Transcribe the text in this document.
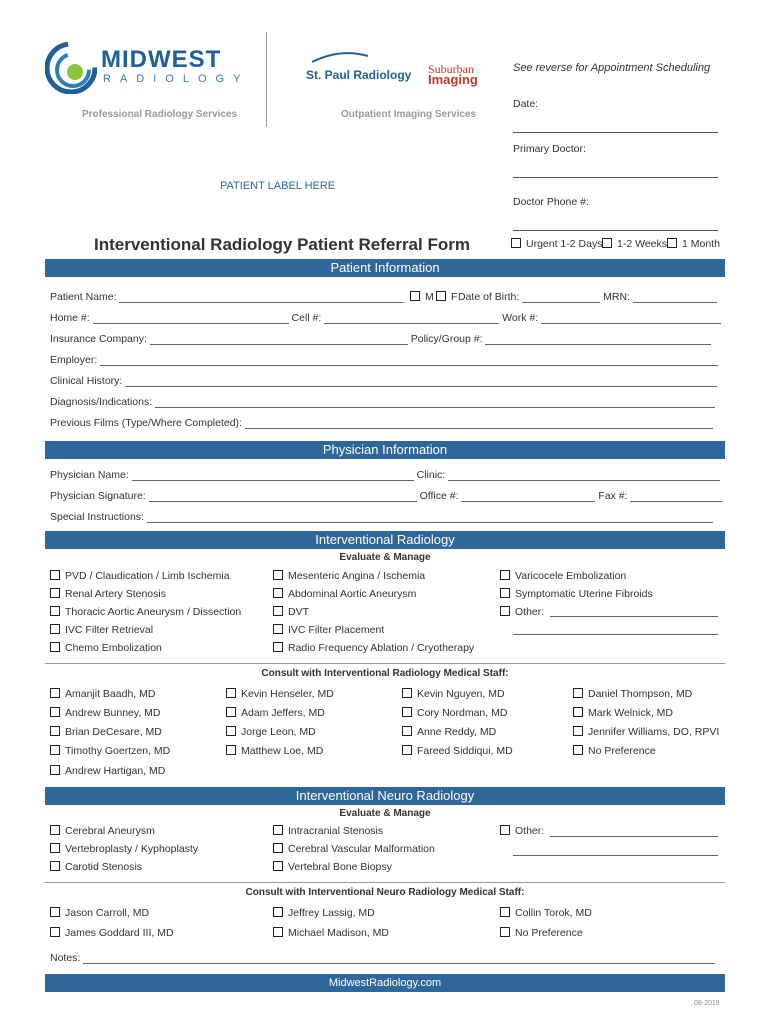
MIDWEST
RADIOLOGY
Professional Radiology Services
St. Paul Radiology Suburban
Imaging
Outpatient Imaging Services
See reverse for Appointment Scheduling
Date:
Primary Doctor:
Doctor Phone #:
PATIENT LABEL HERE
Interventional Radiology Patient Referral Form	Urgent 1-2 Days	1-2 Weeks	1 Month
Patient Information
Patient Name:	M	F Date of Birth:	MRN:
Home #:	Cell #:	Work #:
Insurance Company:	Policy/Group #:
Employer:
Clinical History:
Diagnosis/Indications:
Previous Films (Type/Where Completed):
Physician Information
Physician Name:	Clinic:
Physician Signature:	Office #:	Fax #:
Special Instructions:
Interventional Radiology
Evaluate & Manage
PVD / Claudication / Limb Ischemia
Renal Artery Stenosis
Thoracic Aortic Aneurysm / Dissection
IVC Filter Retrieval
Chemo Embolization
Mesenteric Angina / Ischemia
Abdominal Aortic Aneurysm
DVT
IVC Filter Placement
Radio Frequency Ablation / Cryotherapy
Varicocele Embolization
Symptomatic Uterine Fibroids
Other:
Consult with Interventional Radiology Medical Staff:
Amanjit Baadh, MD
Andrew Bunney, MD
Brian DeCesare, MD
Timothy Goertzen, MD
Andrew Hartigan, MD
Kevin Henseler, MD
Adam Jeffers, MD
Jorge Leon, MD
Matthew Loe, MD
Kevin Nguyen, MD
Cory Nordman, MD
Anne Reddy, MD
Fareed Siddiqui, MD
Daniel Thompson, MD
Mark Welnick, MD
Jennifer Williams, DO, RPVI
No Preference
Interventional Neuro Radiology
Evaluate & Manage
Cerebral Aneurysm
Vertebroplasty / Kyphoplasty
Carotid Stenosis
Intracranial Stenosis
Cerebral Vascular Malformation
Vertebral Bone Biopsy
Other:
Consult with Interventional Neuro Radiology Medical Staff:
Jason Carroll, MD
James Goddard III, MD
Jeffrey Lassig, MD
Michael Madison, MD
Collin Torok, MD
No Preference
Notes:
MidwestRadiology.com
08-2019
